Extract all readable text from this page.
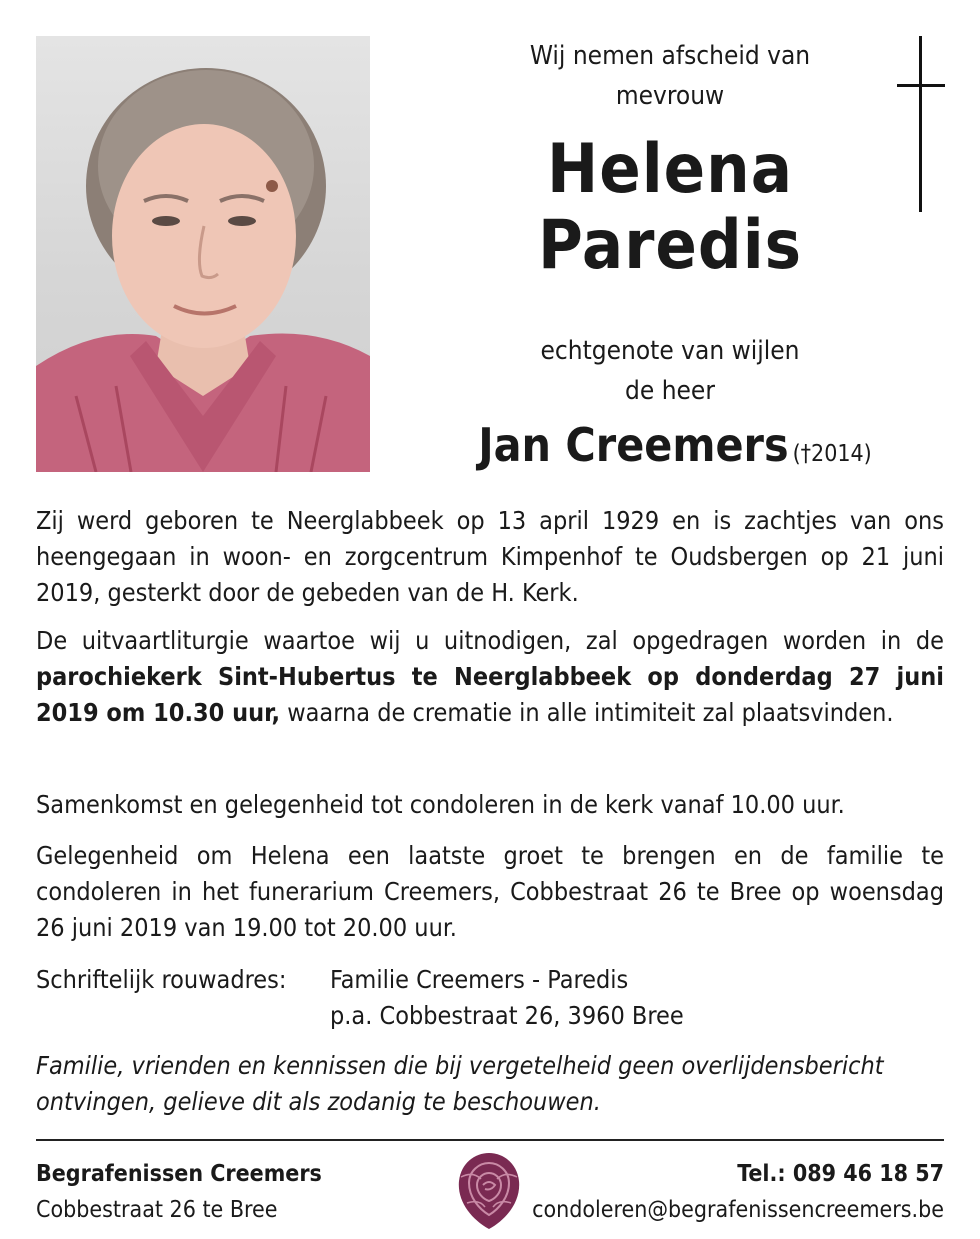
Wij nemen afscheid van
mevrouw
Helena
Paredis
echtgenote van wijlen
de heer
Jan Creemers (†2014)
Zij werd geboren te Neerglabbeek op 13 april 1929 en is zachtjes van ons heengegaan in woon- en zorgcentrum Kimpenhof te Oudsbergen op 21 juni 2019, gesterkt door de gebeden van de H. Kerk.
De uitvaartliturgie waartoe wij u uitnodigen, zal opgedragen worden in de parochiekerk Sint-Hubertus te Neerglabbeek op donderdag 27 juni 2019 om 10.30 uur, waarna de crematie in alle intimiteit zal plaatsvinden.
Samenkomst en gelegenheid tot condoleren in de kerk vanaf 10.00 uur.
Gelegenheid om Helena een laatste groet te brengen en de familie te condoleren in het funerarium Creemers, Cobbestraat 26 te Bree op woensdag 26 juni 2019 van 19.00 tot 20.00 uur.
Schriftelijk rouwadres: Familie Creemers - Paredis
p.a. Cobbestraat 26, 3960 Bree
Familie, vrienden en kennissen die bij vergetelheid geen overlijdensbericht ontvingen, gelieve dit als zodanig te beschouwen.
Begrafenissen Creemers
Cobbestraat 26 te Bree
Tel.: 089 46 18 57
condoleren@begrafenissencreemers.be
